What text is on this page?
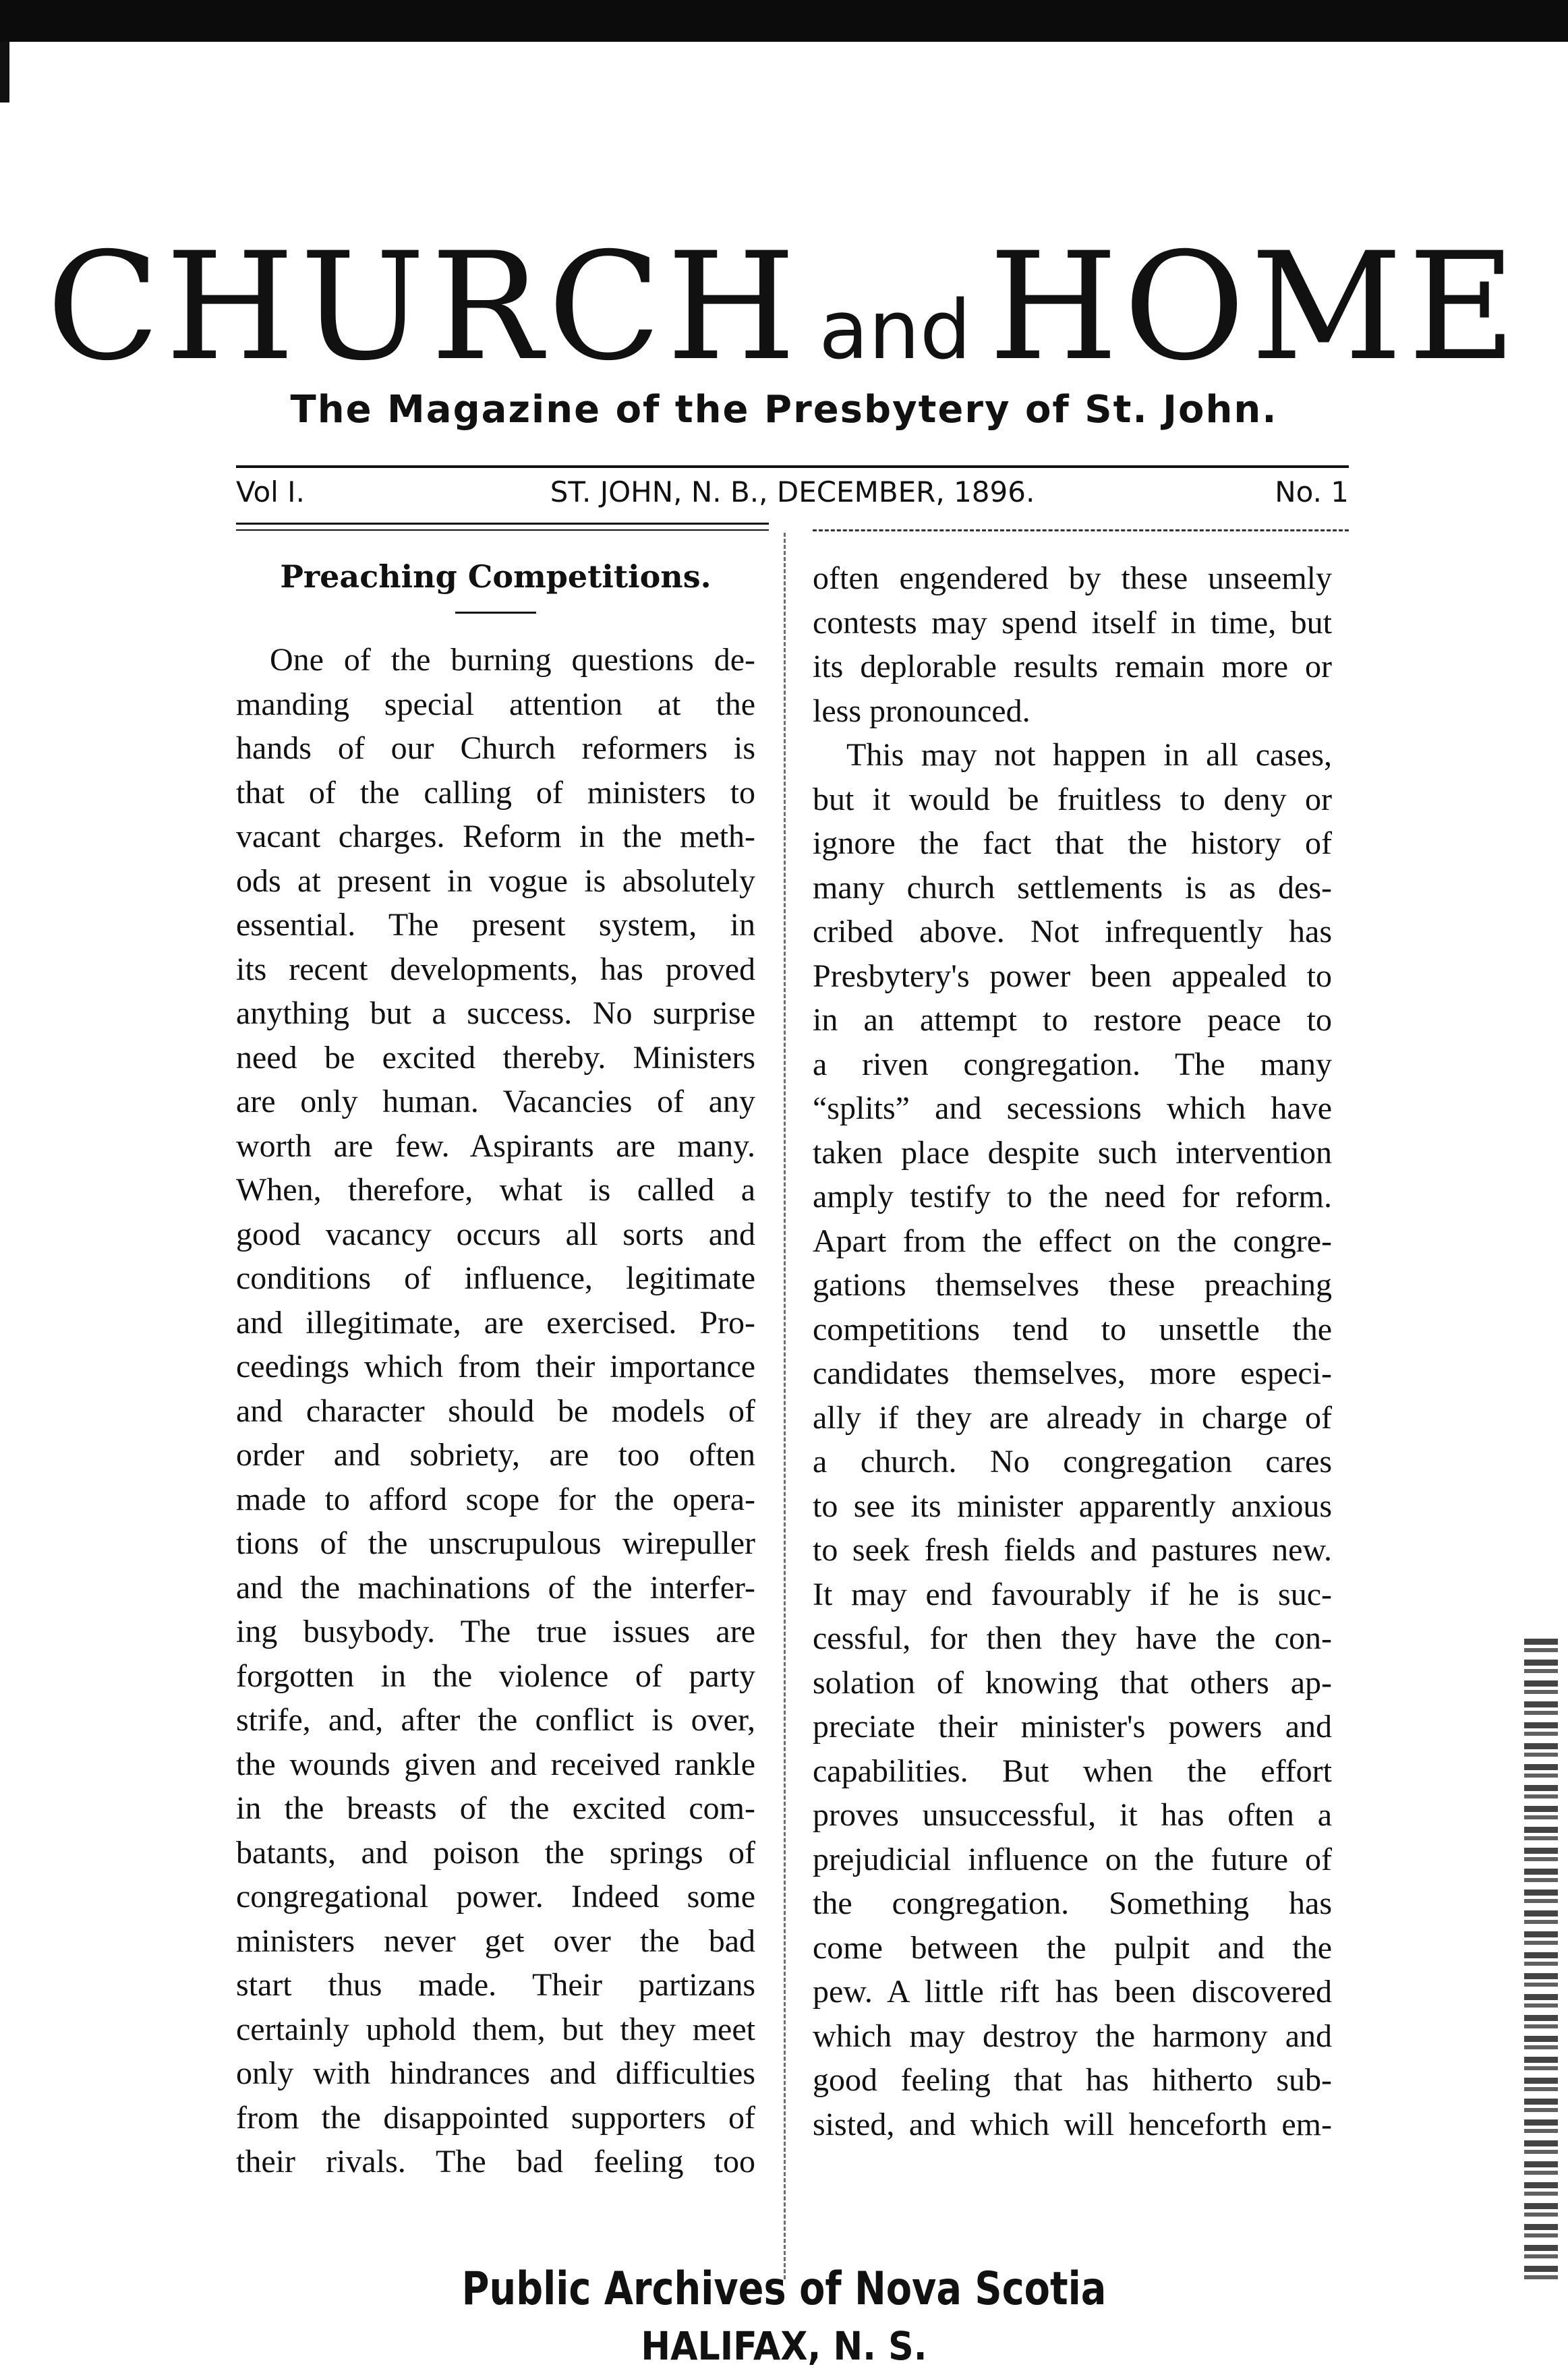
CHURCH and HOME
The Magazine of the Presbytery of St. John.
Vol I.	ST. JOHN, N. B., DECEMBER, 1896.	No. 1
Preaching Competitions.
One of the burning questions de-
manding special attention at the
hands of our Church reformers is
that of the calling of ministers to
vacant charges. Reform in the meth-
ods at present in vogue is absolutely
essential. The present system, in
its recent developments, has proved
anything but a success. No surprise
need be excited thereby. Ministers
are only human. Vacancies of any
worth are few. Aspirants are many.
When, therefore, what is called a
good vacancy occurs all sorts and
conditions of influence, legitimate
and illegitimate, are exercised. Pro-
ceedings which from their importance
and character should be models of
order and sobriety, are too often
made to afford scope for the opera-
tions of the unscrupulous wirepuller
and the machinations of the interfer-
ing busybody. The true issues are
forgotten in the violence of party
strife, and, after the conflict is over,
the wounds given and received rankle
in the breasts of the excited com-
batants, and poison the springs of
congregational power. Indeed some
ministers never get over the bad
start thus made. Their partizans
certainly uphold them, but they meet
only with hindrances and difficulties
from the disappointed supporters of
their rivals. The bad feeling too
often engendered by these unseemly
contests may spend itself in time, but
its deplorable results remain more or
less pronounced.
This may not happen in all cases,
but it would be fruitless to deny or
ignore the fact that the history of
many church settlements is as des-
cribed above. Not infrequently has
Presbytery's power been appealed to
in an attempt to restore peace to
a riven congregation. The many
“splits” and secessions which have
taken place despite such intervention
amply testify to the need for reform.
Apart from the effect on the congre-
gations themselves these preaching
competitions tend to unsettle the
candidates themselves, more especi-
ally if they are already in charge of
a church. No congregation cares
to see its minister apparently anxious
to seek fresh fields and pastures new.
It may end favourably if he is suc-
cessful, for then they have the con-
solation of knowing that others ap-
preciate their minister's powers and
capabilities. But when the effort
proves unsuccessful, it has often a
prejudicial influence on the future of
the congregation. Something has
come between the pulpit and the
pew. A little rift has been discovered
which may destroy the harmony and
good feeling that has hitherto sub-
sisted, and which will henceforth em-
Public Archives of Nova Scotia
HALIFAX, N. S.
